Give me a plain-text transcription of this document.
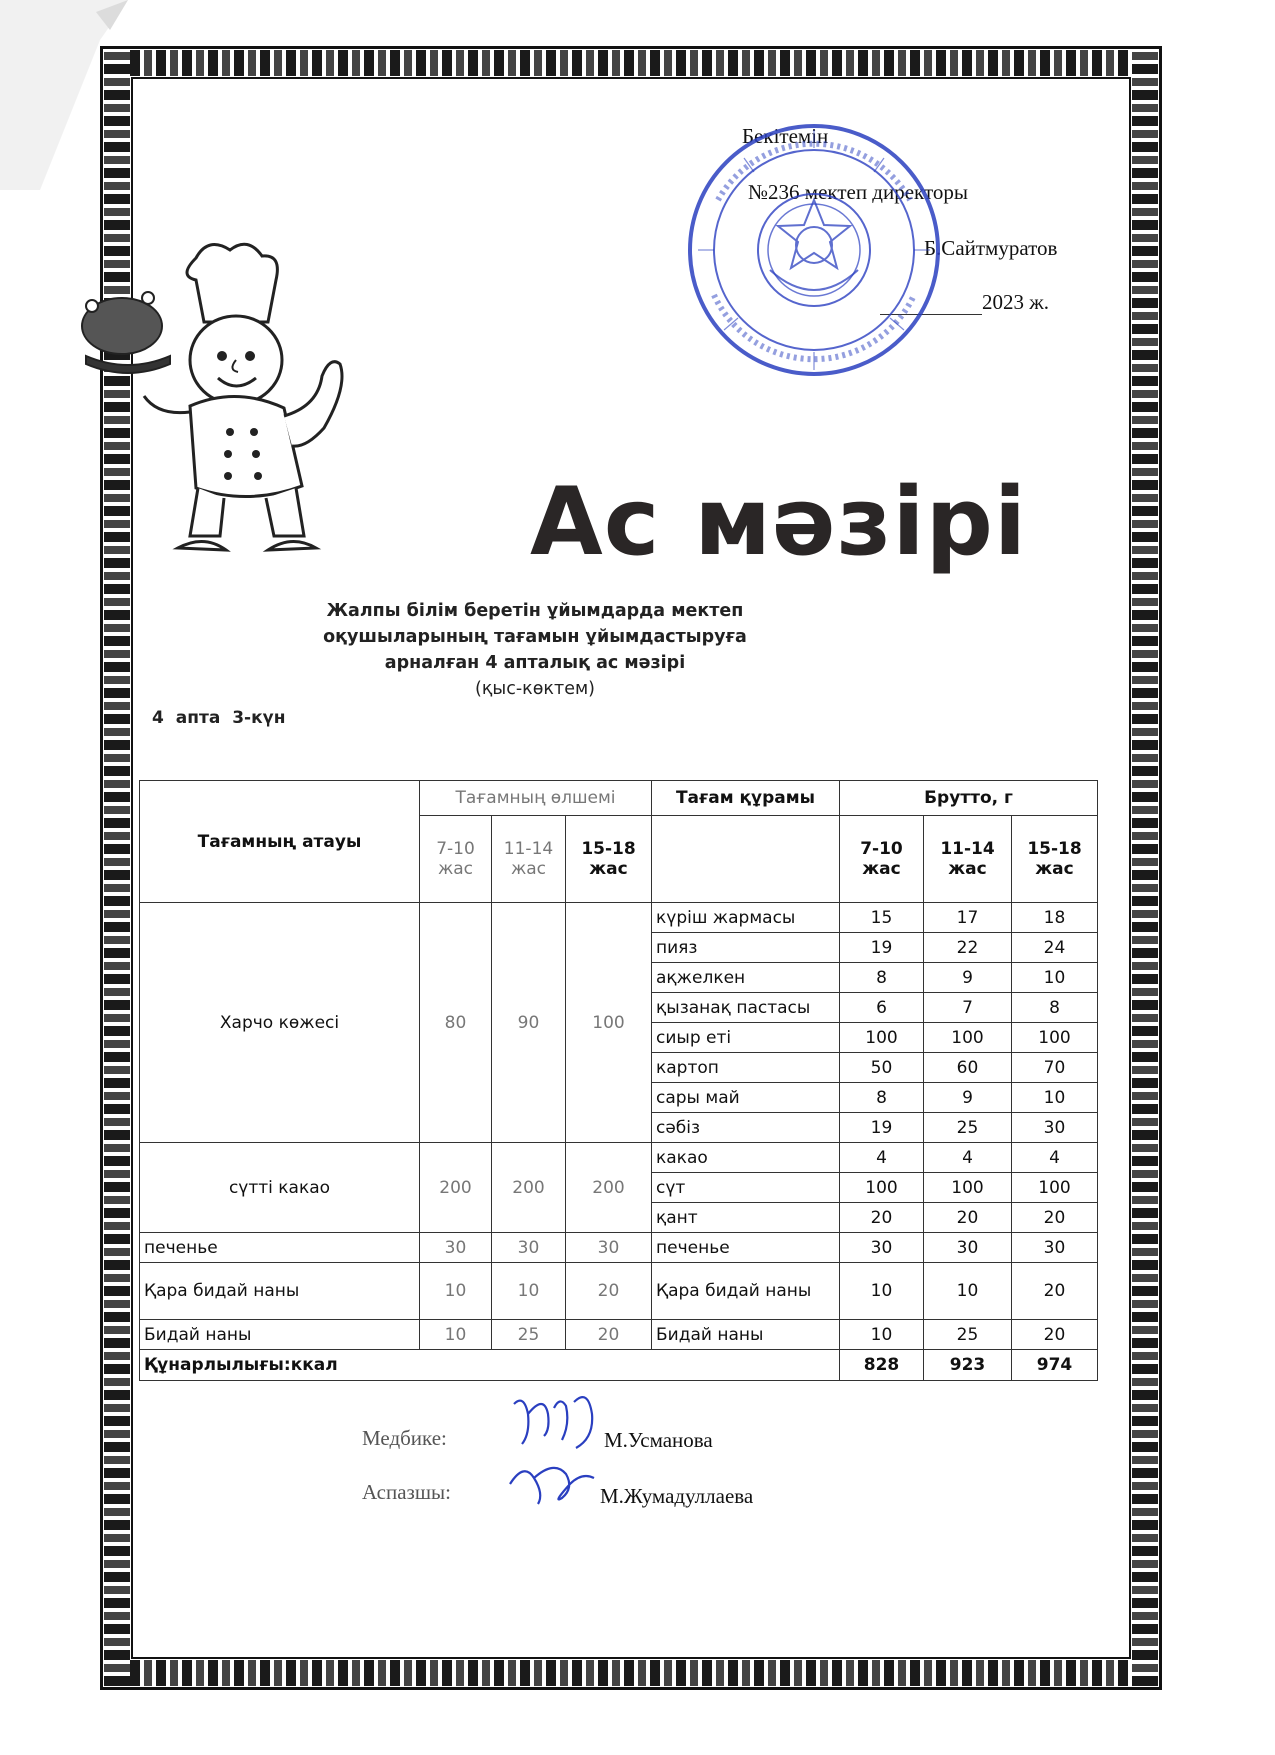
Бекітемін
№236 мектеп директоры
Б.Сайтмуратов
2023 ж.
Ас мәзірі
Жалпы білім беретін ұйымдарда мектеп
оқушыларының тағамын ұйымдастыруға
арналған 4 апталық ас мәзірі
(қыс-көктем)
4 апта 3-күн
Тағамның атауы	Тағамның өлшемі			Тағам құрамы	Брутто, г		
	7-10 жас	11-14 жас	15-18 жас		7-10 жас	11-14 жас	15-18 жас
Харчо көжесі	80	90	100	күріш жармасы	15	17	18
				пияз	19	22	24
				ақжелкен	8	9	10
				қызанақ пастасы	6	7	8
				сиыр еті	100	100	100
				картоп	50	60	70
				сары май	8	9	10
				сәбіз	19	25	30
сүтті какао	200	200	200	какао	4	4	4
				сүт	100	100	100
				қант	20	20	20
печенье	30	30	30	печенье	30	30	30
Қара бидай наны	10	10	20	Қара бидай наны	10	10	20
Бидай наны	10	25	20	Бидай наны	10	25	20
Құнарлылығы:ккал					828	923	974
Медбике:	М.Усманова
Аспазшы:	М.Жумадуллаева
